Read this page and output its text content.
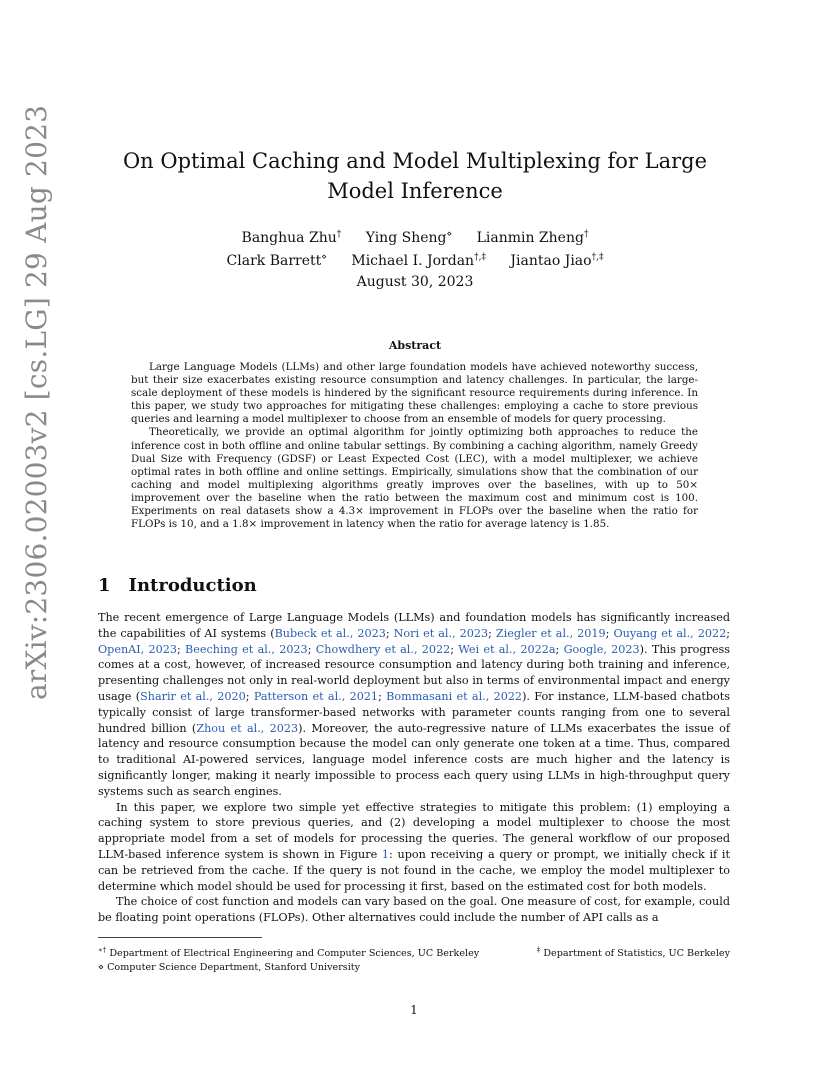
arXiv:2306.02003v2 [cs.LG] 29 Aug 2023	On Optimal Caching and Model Multiplexing for Large Model Inference
Banghua Zhu† Ying Sheng⋄ Lianmin Zheng†
Clark Barrett⋄ Michael I. Jordan†,‡ Jiantao Jiao†,‡
August 30, 2023
Abstract

Large Language Models (LLMs) and other large foundation models have achieved noteworthy success, but their size exacerbates existing resource consumption and latency challenges. In particular, the large-scale deployment of these models is hindered by the significant resource requirements during inference. In this paper, we study two approaches for mitigating these challenges: employing a cache to store previous queries and learning a model multiplexer to choose from an ensemble of models for query processing.

Theoretically, we provide an optimal algorithm for jointly optimizing both approaches to reduce the inference cost in both offline and online tabular settings. By combining a caching algorithm, namely Greedy Dual Size with Frequency (GDSF) or Least Expected Cost (LEC), with a model multiplexer, we achieve optimal rates in both offline and online settings. Empirically, simulations show that the combination of our caching and model multiplexing algorithms greatly improves over the baselines, with up to 50× improvement over the baseline when the ratio between the maximum cost and minimum cost is 100. Experiments on real datasets show a 4.3× improvement in FLOPs over the baseline when the ratio for FLOPs is 10, and a 1.8× improvement in latency when the ratio for average latency is 1.85.

1 Introduction

The recent emergence of Large Language Models (LLMs) and foundation models has significantly increased the capabilities of AI systems (Bubeck et al., 2023; Nori et al., 2023; Ziegler et al., 2019; Ouyang et al., 2022; OpenAI, 2023; Beeching et al., 2023; Chowdhery et al., 2022; Wei et al., 2022a; Google, 2023). This progress comes at a cost, however, of increased resource consumption and latency during both training and inference, presenting challenges not only in real-world deployment but also in terms of environmental impact and energy usage (Sharir et al., 2020; Patterson et al., 2021; Bommasani et al., 2022). For instance, LLM-based chatbots typically consist of large transformer-based networks with parameter counts ranging from one to several hundred billion (Zhou et al., 2023). Moreover, the auto-regressive nature of LLMs exacerbates the issue of latency and resource consumption because the model can only generate one token at a time. Thus, compared to traditional AI-powered services, language model inference costs are much higher and the latency is significantly longer, making it nearly impossible to process each query using LLMs in high-throughput query systems such as search engines.

In this paper, we explore two simple yet effective strategies to mitigate this problem: (1) employing a caching system to store previous queries, and (2) developing a model multiplexer to choose the most appropriate model from a set of models for processing the queries. The general workflow of our proposed LLM-based inference system is shown in Figure 1: upon receiving a query or prompt, we initially check if it can be retrieved from the cache. If the query is not found in the cache, we employ the model multiplexer to determine which model should be used for processing it first, based on the estimated cost for both models.

The choice of cost function and models can vary based on the goal. One measure of cost, for example, could be floating point operations (FLOPs). Other alternatives could include the number of API calls as a

∗† Department of Electrical Engineering and Computer Sciences, UC Berkeley	‡ Department of Statistics, UC Berkeley
⋄ Computer Science Department, Stanford University
1
